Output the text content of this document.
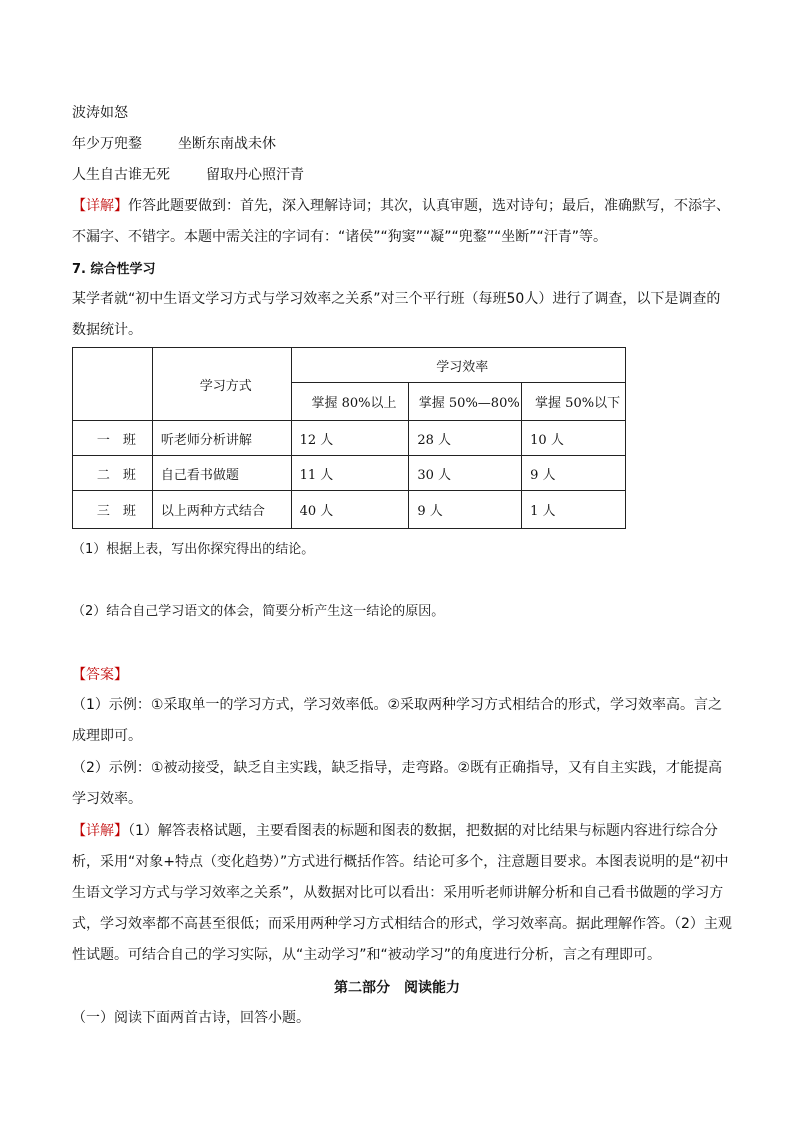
波涛如怒
年少万兜鍪	坐断东南战未休
人生自古谁无死	留取丹心照汗青
【详解】作答此题要做到：首先，深入理解诗词；其次，认真审题，选对诗句；最后，准确默写，不添字、不漏字、不错字。本题中需关注的字词有：“诸侯”“狗窦”“凝”“兜鍪”“坐断”“汗青”等。
7. 综合性学习
某学者就“初中生语文学习方式与学习效率之关系”对三个平行班（每班50人）进行了调查，以下是调查的数据统计。
	学习方式	学习效率		
		掌握 80%以上	掌握 50%—80%	掌握 50%以下
一　班	听老师分析讲解	12 人	28 人	10 人
二　班	自己看书做题	11 人	30 人	9 人
三　班	以上两种方式结合	40 人	9 人	1 人
（1）根据上表，写出你探究得出的结论。
（2）结合自己学习语文的体会，简要分析产生这一结论的原因。
【答案】
（1）示例：①采取单一的学习方式，学习效率低。②采取两种学习方式相结合的形式，学习效率高。言之成理即可。
（2）示例：①被动接受，缺乏自主实践，缺乏指导，走弯路。②既有正确指导，又有自主实践，才能提高学习效率。
【详解】（1）解答表格试题，主要看图表的标题和图表的数据，把数据的对比结果与标题内容进行综合分析，采用“对象+特点（变化趋势）”方式进行概括作答。结论可多个，注意题目要求。本图表说明的是“初中生语文学习方式与学习效率之关系”，从数据对比可以看出：采用听老师讲解分析和自己看书做题的学习方式，学习效率都不高甚至很低；而采用两种学习方式相结合的形式，学习效率高。据此理解作答。（2）主观性试题。可结合自己的学习实际，从“主动学习”和“被动学习”的角度进行分析，言之有理即可。
第二部分　阅读能力
（一）阅读下面两首古诗，回答小题。
